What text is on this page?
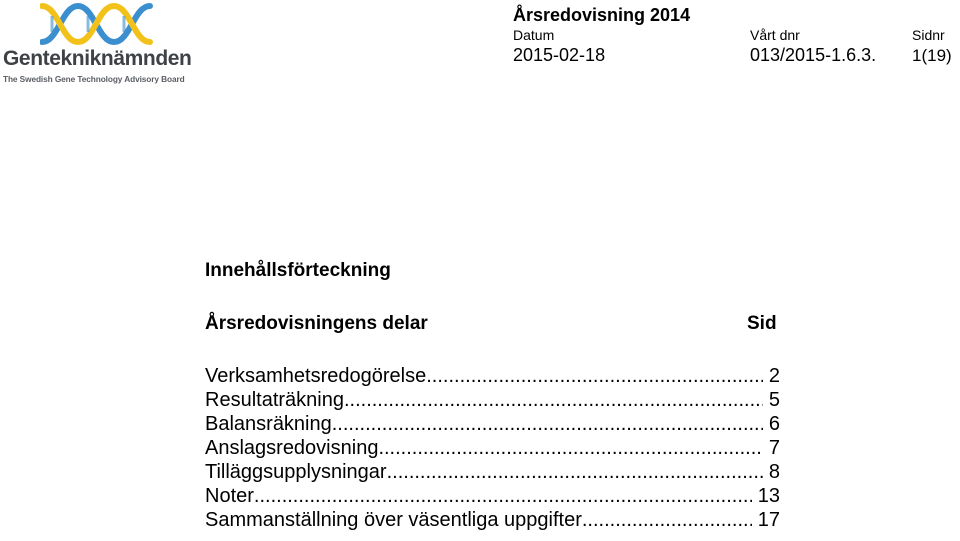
Gentekniknämnden
The Swedish Gene Technology Advisory Board
Årsredovisning 2014
Datum
2015-02-18
Vårt dnr
013/2015-1.6.3.
Sidnr
1(19)
Innehållsförteckning
Årsredovisningens delar	Sid
Verksamhetsredogörelse .....	2
Resultaträkning .....	5
Balansräkning .....	6
Anslagsredovisning .....	7
Tilläggsupplysningar .....	8
Noter .....	13
Sammanställning över väsentliga uppgifter .....	17
